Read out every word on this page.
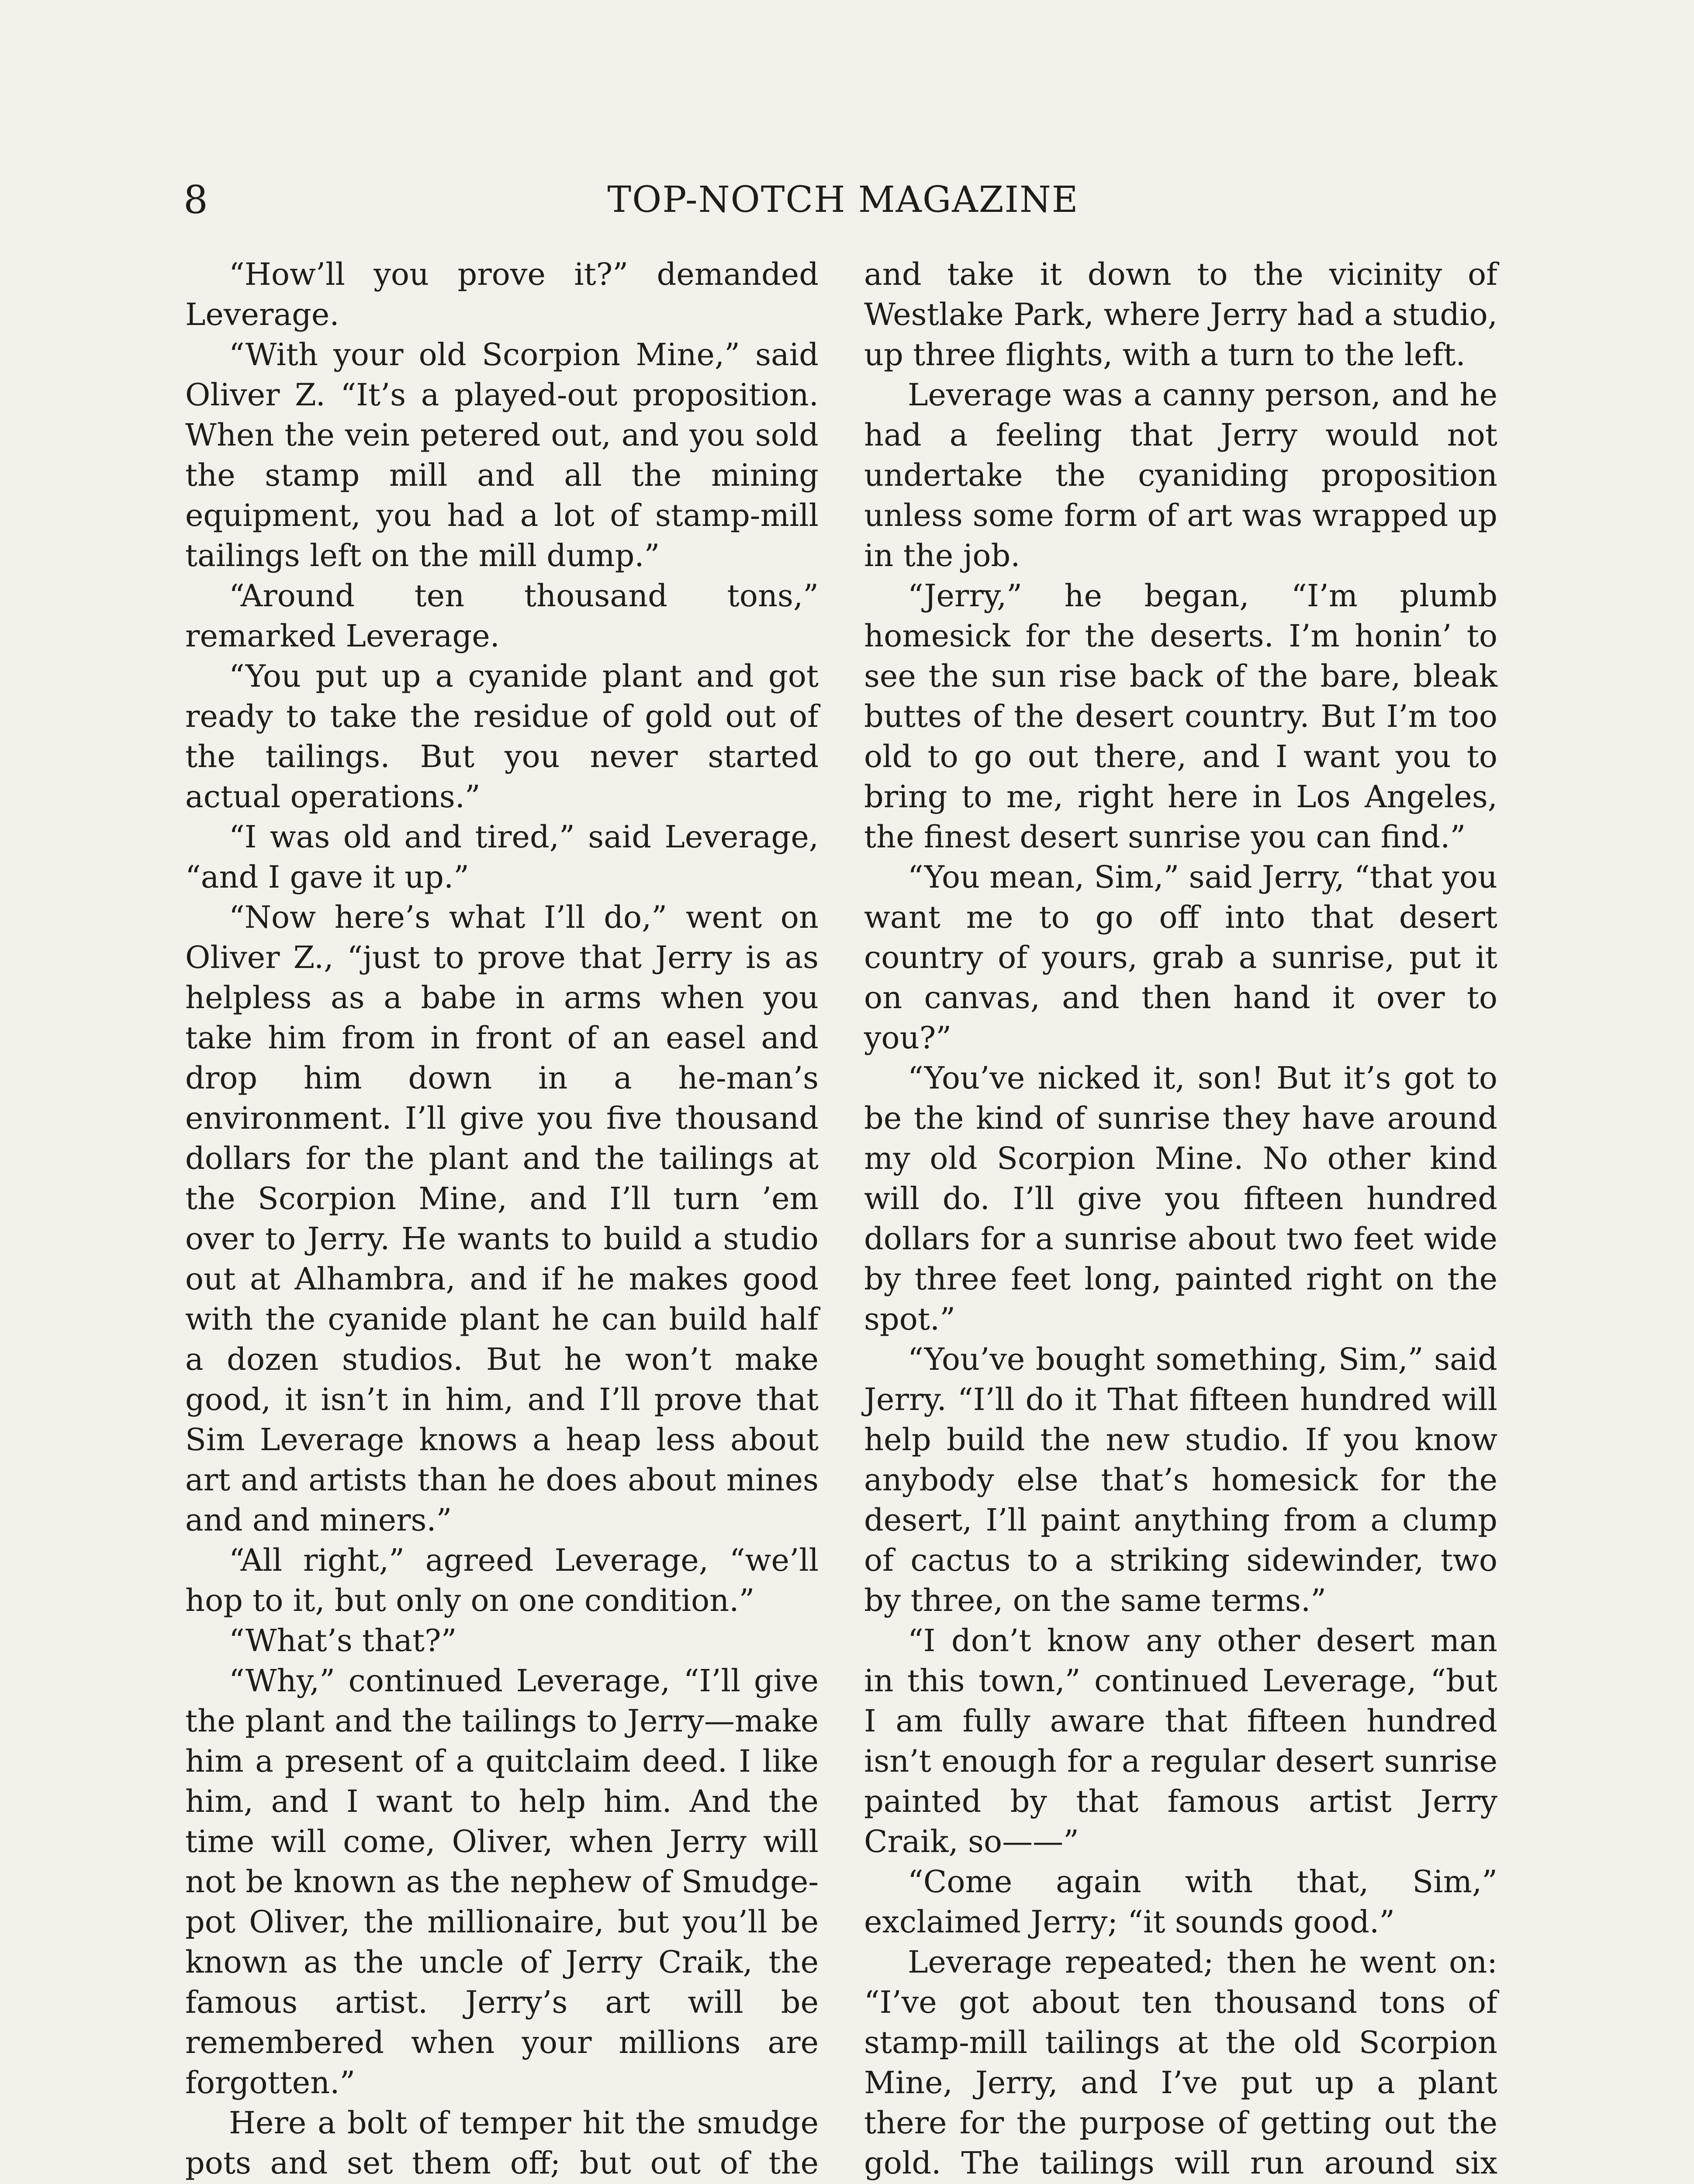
8	TOP-NOTCH MAGAZINE

“How’ll you prove it?” demanded Leverage.

“With your old Scorpion Mine,” said Oliver Z. “It’s a played-out proposition. When the vein petered out, and you sold the stamp mill and all the mining equipment, you had a lot of stamp-mill tailings left on the mill dump.”

“Around ten thousand tons,” remarked Leverage.

“You put up a cyanide plant and got ready to take the residue of gold out of the tailings. But you never started actual operations.”

“I was old and tired,” said Leverage, “and I gave it up.”

“Now here’s what I’ll do,” went on Oliver Z., “just to prove that Jerry is as helpless as a babe in arms when you take him from in front of an easel and drop him down in a he-man’s environment. I’ll give you five thousand dollars for the plant and the tailings at the Scorpion Mine, and I’ll turn ’em over to Jerry. He wants to build a studio out at Alhambra, and if he makes good with the cyanide plant he can build half a dozen studios. But he won’t make good, it isn’t in him, and I’ll prove that Sim Leverage knows a heap less about art and artists than he does about mines and and miners.”

“All right,” agreed Leverage, “we’ll hop to it, but only on one condition.”

“What’s that?”

“Why,” continued Leverage, “I’ll give the plant and the tailings to Jerry—make him a present of a quitclaim deed. I like him, and I want to help him. And the time will come, Oliver, when Jerry will not be known as the nephew of Smudge-pot Oliver, the millionaire, but you’ll be known as the uncle of Jerry Craik, the famous artist. Jerry’s art will be remembered when your millions are forgotten.”

Here a bolt of temper hit the smudge pots and set them off; but out of the

and take it down to the vicinity of Westlake Park, where Jerry had a studio, up three flights, with a turn to the left.

Leverage was a canny person, and he had a feeling that Jerry would not undertake the cyaniding proposition unless some form of art was wrapped up in the job.

“Jerry,” he began, “I’m plumb homesick for the deserts. I’m honin’ to see the sun rise back of the bare, bleak buttes of the desert country. But I’m too old to go out there, and I want you to bring to me, right here in Los Angeles, the finest desert sunrise you can find.”

“You mean, Sim,” said Jerry, “that you want me to go off into that desert country of yours, grab a sunrise, put it on canvas, and then hand it over to you?”

“You’ve nicked it, son! But it’s got to be the kind of sunrise they have around my old Scorpion Mine. No other kind will do. I’ll give you fifteen hundred dollars for a sunrise about two feet wide by three feet long, painted right on the spot.”

“You’ve bought something, Sim,” said Jerry. “I’ll do it That fifteen hundred will help build the new studio. If you know anybody else that’s homesick for the desert, I’ll paint anything from a clump of cactus to a striking sidewinder, two by three, on the same terms.”

“I don’t know any other desert man in this town,” continued Leverage, “but I am fully aware that fifteen hundred isn’t enough for a regular desert sunrise painted by that famous artist Jerry Craik, so——”

“Come again with that, Sim,” exclaimed Jerry; “it sounds good.”

Leverage repeated; then he went on: “I’ve got about ten thousand tons of stamp-mill tailings at the old Scorpion Mine, Jerry, and I’ve put up a plant there for the purpose of getting out the gold. The tailings will run around six
